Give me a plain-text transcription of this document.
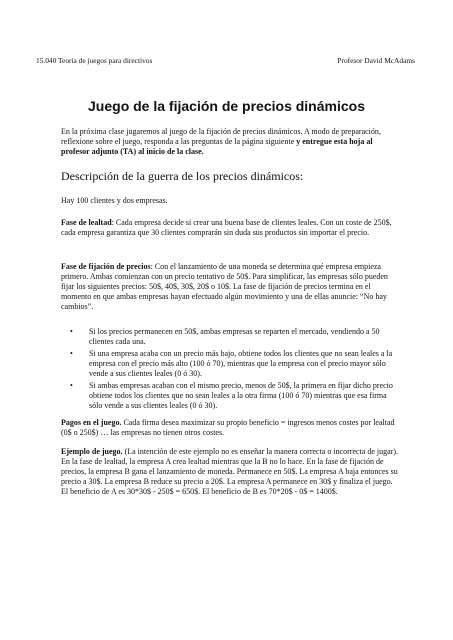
15.040 Teoría de juegos para directivos	Profesor David McAdams
Juego de la fijación de precios dinámicos
En la próxima clase jugaremos al juego de la fijación de precios dinámicos. A modo de preparación, reflexione sobre el juego, responda a las preguntas de la página siguiente y entregue esta hoja al profesor adjunto (TA) al inicio de la clase.
Descripción de la guerra de los precios dinámicos:
Hay 100 clientes y dos empresas.
Fase de lealtad: Cada empresa decide si crear una buena base de clientes leales. Con un coste de 250$, cada empresa garantiza que 30 clientes comprarán sin duda sus productos sin importar el precio.
Fase de fijación de precios: Con el lanzamiento de una moneda se determina qué empresa empieza primero. Ambas comienzan con un precio tentativo de 50$. Para simplificar, las empresas sólo pueden fijar los siguientes precios: 50$, 40$, 30$, 20$ o 10$. La fase de fijación de precios termina en el momento en que ambas empresas hayan efectuado algún movimiento y una de ellas anuncie: “No hay cambios”.
• Si los precios permanecen en 50$, ambas empresas se reparten el mercado, vendiendo a 50 clientes cada una.
• Si una empresa acaba con un precio más bajo, obtiene todos los clientes que no sean leales a la empresa con el precio más alto (100 ó 70), mientras que la empresa con el precio mayor sólo vende a sus clientes leales (0 ó 30).
• Si ambas empresas acaban con el mismo precio, menos de 50$, la primera en fijar dicho precio obtiene todos los clientes que no sean leales a la otra firma (100 ó 70) mientras que esa firma sólo vende a sus clientes leales (0 ó 30).
Pagos en el juego. Cada firma desea maximizar su propio beneficio = ingresos menos costes por lealtad (0$ o 250$) … las empresas no tienen otros costes.
Ejemplo de juego. (La intención de este ejemplo no es enseñar la manera correcta o incorrecta de jugar). En la fase de lealtad, la empresa A crea lealtad mientras que la B no lo hace. En la fase de fijación de precios, la empresa B gana el lanzamiento de moneda. Permanece en 50$. La empresa A baja entonces su precio a 30$. La empresa B reduce su precio a 20$. La empresa A permanece en 30$ y finaliza el juego. El beneficio de A es 30*30$ - 250$ = 650$. El beneficio de B es 70*20$ - 0$ = 1400$.
